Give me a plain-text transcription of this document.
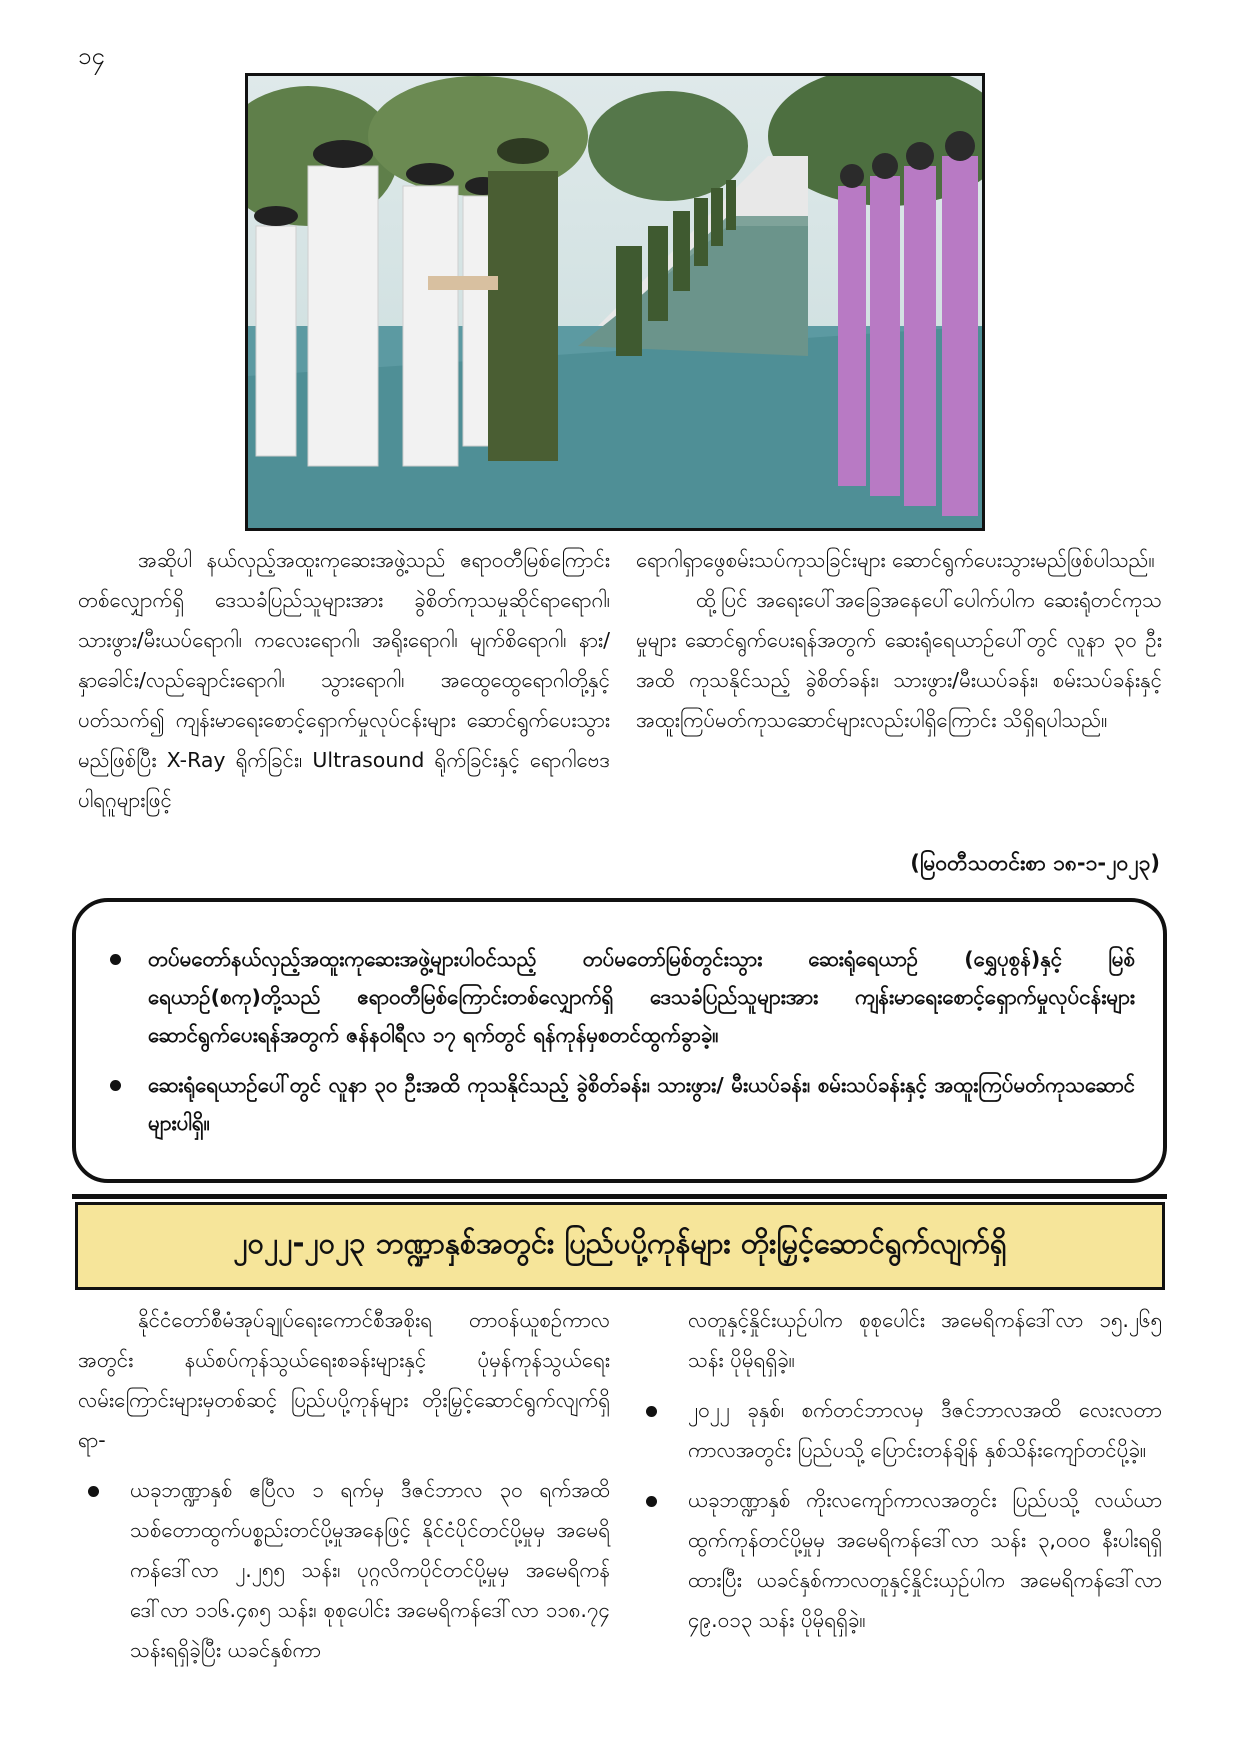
၁၄

အဆိုပါ နယ်လှည့်အထူးကုဆေးအဖွဲ့သည် ဧရာဝတီမြစ်ကြောင်းတစ်လျှောက်ရှိ ဒေသခံပြည်သူများအား ခွဲစိတ်ကုသမှုဆိုင်ရာရောဂါ၊ သားဖွား/မီးယပ်ရောဂါ၊ ကလေးရောဂါ၊ အရိုးရောဂါ၊ မျက်စိရောဂါ၊ နား/နှာခေါင်း/လည်ချောင်းရောဂါ၊ သွားရောဂါ၊ အထွေထွေရောဂါတို့နှင့်ပတ်သက်၍ ကျန်းမာရေးစောင့်ရှောက်မှုလုပ်ငန်းများ ဆောင်ရွက်ပေးသွားမည်ဖြစ်ပြီး X-Ray ရိုက်ခြင်း၊ Ultrasound ရိုက်ခြင်းနှင့် ရောဂါဗေဒပါရဂူများဖြင့်

ရောဂါရှာဖွေစမ်းသပ်ကုသခြင်းများ ဆောင်ရွက်ပေးသွားမည်ဖြစ်ပါသည်။

ထို့ပြင် အရေးပေါ်အခြေအနေပေါ်ပေါက်ပါက ဆေးရုံတင်ကုသမှုများ ဆောင်ရွက်ပေးရန်အတွက် ဆေးရုံရေယာဉ်ပေါ်တွင် လူနာ ၃၀ ဦးအထိ ကုသနိုင်သည့် ခွဲစိတ်ခန်း၊ သားဖွား/မီးယပ်ခန်း၊ စမ်းသပ်ခန်းနှင့် အထူးကြပ်မတ်ကုသဆောင်များလည်းပါရှိကြောင်း သိရှိရပါသည်။

(မြဝတီသတင်းစာ ၁၈-၁-၂၀၂၃)
တပ်မတော်နယ်လှည့်အထူးကုဆေးအဖွဲ့များပါဝင်သည့် တပ်မတော်မြစ်တွင်းသွား ဆေးရုံရေယာဉ် (ရွှေပုစွန်)နှင့် မြစ်ရေယာဉ်(စကု)တို့သည် ဧရာဝတီမြစ်ကြောင်းတစ်လျှောက်ရှိ ဒေသခံပြည်သူများအား ကျန်းမာရေးစောင့်ရှောက်မှုလုပ်ငန်းများ ဆောင်ရွက်ပေးရန်အတွက် ဇန်နဝါရီလ ၁၇ ရက်တွင် ရန်ကုန်မှစတင်ထွက်ခွာခဲ့။
ဆေးရုံရေယာဉ်ပေါ်တွင် လူနာ ၃၀ ဦးအထိ ကုသနိုင်သည့် ခွဲစိတ်ခန်း၊ သားဖွား/ မီးယပ်ခန်း၊ စမ်းသပ်ခန်းနှင့် အထူးကြပ်မတ်ကုသဆောင်များပါရှိ။
၂၀၂၂-၂၀၂၃ ဘဏ္ဍာနှစ်အတွင်း ပြည်ပပို့ကုန်များ တိုးမြှင့်ဆောင်ရွက်လျက်ရှိ

နိုင်ငံတော်စီမံအုပ်ချုပ်ရေးကောင်စီအစိုးရ တာဝန်ယူစဉ်ကာလအတွင်း နယ်စပ်ကုန်သွယ်ရေးစခန်းများနှင့် ပုံမှန်ကုန်သွယ်ရေးလမ်းကြောင်းများမှတစ်ဆင့် ပြည်ပပို့ကုန်များ တိုးမြှင့်ဆောင်ရွက်လျက်ရှိရာ-

ယခုဘဏ္ဍာနှစ် ဧပြီလ ၁ ရက်မှ ဒီဇင်ဘာလ ၃၀ ရက်အထိ သစ်တောထွက်ပစ္စည်းတင်ပို့မှုအနေဖြင့် နိုင်ငံပိုင်တင်ပို့မှုမှ အမေရိကန်ဒေါ်လာ ၂.၂၅၅ သန်း၊ ပုဂ္ဂလိကပိုင်တင်ပို့မှုမှ အမေရိကန်ဒေါ်လာ ၁၁၆.၄၈၅ သန်း၊ စုစုပေါင်း အမေရိကန်ဒေါ်လာ ၁၁၈.၇၄ သန်းရရှိခဲ့ပြီး ယခင်နှစ်ကာ

လတူနှင့်နှိုင်းယှဉ်ပါက စုစုပေါင်း အမေရိကန်ဒေါ်လာ ၁၅.၂၆၅ သန်း ပိုမိုရရှိခဲ့။

၂၀၂၂ ခုနှစ်၊ စက်တင်ဘာလမှ ဒီဇင်ဘာလအထိ လေးလတာကာလအတွင်း ပြည်ပသို့ ပြောင်းတန်ချိန် နှစ်သိန်းကျော်တင်ပို့ခဲ့။
ယခုဘဏ္ဍာနှစ် ကိုးလကျော်ကာလအတွင်း ပြည်ပသို့ လယ်ယာထွက်ကုန်တင်ပို့မှုမှ အမေရိကန်ဒေါ်လာ သန်း ၃,၀၀၀ နီးပါးရရှိထားပြီး ယခင်နှစ်ကာလတူနှင့်နှိုင်းယှဉ်ပါက အမေရိကန်ဒေါ်လာ ၄၉.၀၁၃ သန်း ပိုမိုရရှိခဲ့။
